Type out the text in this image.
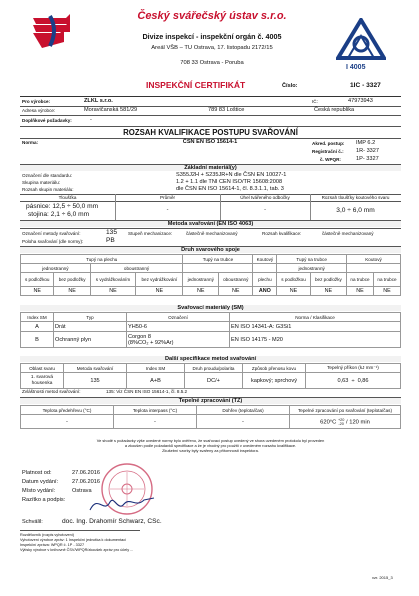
Český svářečský ústav s.r.o.
Divize inspekcí - inspekční orgán č. 4005
Areál VŠB – TU Ostrava, 17. listopadu 2172/15
708 33 Ostrava - Poruba
I 4005
INSPEKČNÍ CERTIFIKÁT	Číslo:	1IC - 3327
Pro výrobce:	ZLKL s.r.o.	IČ:	47973943
Adresa výrobce:	Moravičanská 581/29	789 83 Loštice	Česká republika
Doplňkové požadavky:	-
ROZSAH KVALIFIKACE POSTUPU SVAŘOVÁNÍ
Norma:	ČSN EN ISO 15614-1	Akred. postup: IMP 6.2
Registrační č.: 1R- 3327
č. WPQR:	1P- 3327
Základní materiál(y)
Označení dle standardu:	S355J2H + S235JR+N dle ČSN EN 10027-1
Skupina materiálu:	1.2 + 1.1 dle TNI CEN ISO/TR 15608:2008
Rozsah skupin materiálu:	dle ČSN EN ISO 15614-1, čl. 8.3.1.1, tab. 3
Tloušťka	Průměr	Úhel tvářeného odbočky	Rozsah tloušťky koutového svaru
pásnice: 12,5 ÷ 50,0 mm
stojina: 2,1 ÷ 6,0 mm
-	-	3,0 ÷ 6,0 mm
Metoda svařování (EN ISO 4063)
Označení metody svařování:	135 Stupeň mechanizace:	částečně mechanizovaný	Rozsah kvalifikace:	částečně mechanizovaný
Poloha svařování (dle normy):	PB
Druh svarového spoje
Tupý na plechu				Tupý na trubce		Koutový	Tupý na trubce		Koutový	
jednostranný		oboustranný					jednostranný			
s podložkou	bez podložky	s vydrážkováním	bez vydrážkování	jednostranný	oboustranný	plechu	s podložkou	bez podložky	na trubce	na trubce
NE	NE	NE	NE	NE	NE	ANO	NE	NE	NE	NE
Svařovací materiály (SM)
Index SM	Typ	Označení	Norma / Klasifikace
A	Drát	YH50-6	EN ISO 14341-A: G3Si1
B	Ochranný plyn	Corgon 8
(8%CO₂ + 92%Ar)	EN ISO 14175 - M20
Další specifikace metod svařování
Oblast svaru	Metoda svařování	Index SM	Druh proudu/polarita	Způsob přenosu kovu	Tepelný příkon (kJ mm⁻¹)
1. svarová housenka	135	A+B	DC/+	kapkový; sprchový	0,63 ÷ 0,86
Zvláštnosti metod svařování:	135: Viz ČSN EN ISO 15614-1, čl. 8.5.2
Tepelné zpracování (TZ)
Teplota předehřevu (°C)	Teplota interpass (°C)	Dohřev (teplota/čas)	Tepelné zpracování po svařování (teplota/čas)
-	-	-	620°C +20
-20 / 120 min
Ve shodě s požadavky výše uvedené normy bylo ověřeno, že svařovací postup uvedený ve shora uvedeném protokolu byl proveden
a zkoušen podle požadavků specifikace a že je vhodný pro použití v uvedeném rozsahu kvalifikace.
Zkušební vzorky byly svařeny za přítomnosti inspektora.
Platnost od:	27.06.2016
Datum vydání: 27.06.2016
Místo vydání:	Ostrava
Razítko a podpis:
Schválil:	doc. Ing. Drahomír Schwarz, CSc.
Rozdělovník (rozpis vyhotovení)
Vyhotovení výrobce zpráv: 1 Inspekční jednotka k dokumentaci
Inspekční zpráva: WPQR č. 1P - 3327
Výtisky výrobce v knihovně ČSV/WPQR/zkoušek zpráv pro účely ...
vzr. 2015_3
